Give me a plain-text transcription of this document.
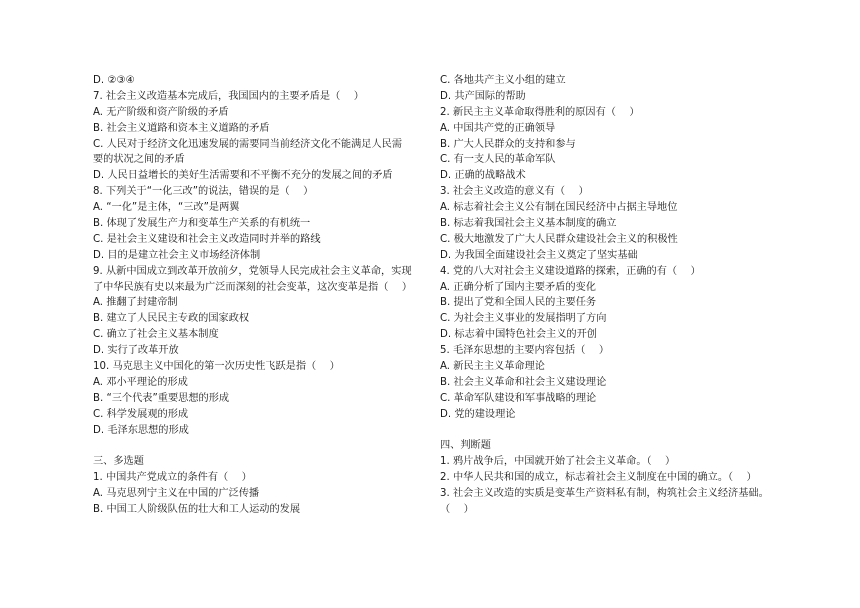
D. ②③④
7. 社会主义改造基本完成后，我国国内的主要矛盾是（　 ）
A. 无产阶级和资产阶级的矛盾
B. 社会主义道路和资本主义道路的矛盾
C. 人民对于经济文化迅速发展的需要同当前经济文化不能满足人民需
要的状况之间的矛盾
D. 人民日益增长的美好生活需要和不平衡不充分的发展之间的矛盾
8. 下列关于“一化三改”的说法，错误的是（　 ）
A. “一化”是主体，“三改”是两翼
B. 体现了发展生产力和变革生产关系的有机统一
C. 是社会主义建设和社会主义改造同时并举的路线
D. 目的是建立社会主义市场经济体制
9. 从新中国成立到改革开放前夕，党领导人民完成社会主义革命，实现
了中华民族有史以来最为广泛而深刻的社会变革，这次变革是指（　 ）
A. 推翻了封建帝制
B. 建立了人民民主专政的国家政权
C. 确立了社会主义基本制度
D. 实行了改革开放
10. 马克思主义中国化的第一次历史性飞跃是指（　 ）
A. 邓小平理论的形成
B. “三个代表”重要思想的形成
C. 科学发展观的形成
D. 毛泽东思想的形成
三、多选题
1. 中国共产党成立的条件有（　 ）
A. 马克思列宁主义在中国的广泛传播
B. 中国工人阶级队伍的壮大和工人运动的发展
C. 各地共产主义小组的建立
D. 共产国际的帮助
2. 新民主主义革命取得胜利的原因有（　 ）
A. 中国共产党的正确领导
B. 广大人民群众的支持和参与
C. 有一支人民的革命军队
D. 正确的战略战术
3. 社会主义改造的意义有（　 ）
A. 标志着社会主义公有制在国民经济中占据主导地位
B. 标志着我国社会主义基本制度的确立
C. 极大地激发了广大人民群众建设社会主义的积极性
D. 为我国全面建设社会主义奠定了坚实基础
4. 党的八大对社会主义建设道路的探索，正确的有（　 ）
A. 正确分析了国内主要矛盾的变化
B. 提出了党和全国人民的主要任务
C. 为社会主义事业的发展指明了方向
D. 标志着中国特色社会主义的开创
5. 毛泽东思想的主要内容包括（　 ）
A. 新民主主义革命理论
B. 社会主义革命和社会主义建设理论
C. 革命军队建设和军事战略的理论
D. 党的建设理论
四、判断题
1. 鸦片战争后，中国就开始了社会主义革命。（　 ）
2. 中华人民共和国的成立，标志着社会主义制度在中国的确立。（　 ）
3. 社会主义改造的实质是变革生产资料私有制，构筑社会主义经济基础。
（　 ）
